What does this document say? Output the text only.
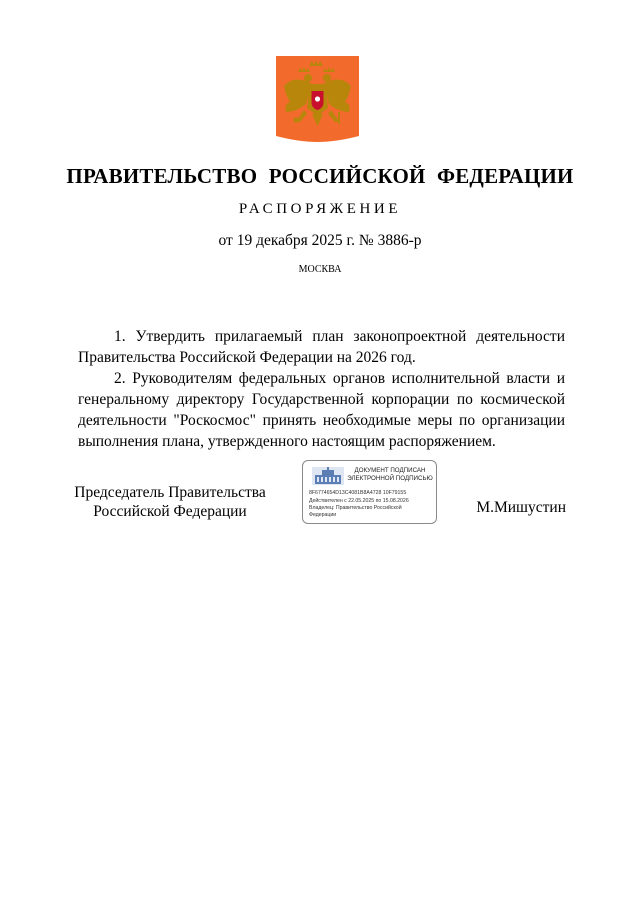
ПРАВИТЕЛЬСТВО РОССИЙСКОЙ ФЕДЕРАЦИИ
РАСПОРЯЖЕНИЕ
от 19 декабря 2025 г. № 3886-р
МОСКВА

1. Утвердить прилагаемый план законопроектной деятельности Правительства Российской Федерации на 2026 год.

2. Руководителям федеральных органов исполнительной власти и генеральному директору Государственной корпорации по космической деятельности "Роскосмос" принять необходимые меры по организации выполнения плана, утвержденного настоящим распоряжением.

Председатель Правительства
Российской Федерации
ДОКУМЕНТ ПОДПИСАН
ЭЛЕКТРОННОЙ ПОДПИСЬЮ
8F6774654D13C4081B8A4728 10F79155
Действителен с 22.05.2025 по 15.08.2026
Владелец: Правительство Российской
Федерации	М.Мишустин
